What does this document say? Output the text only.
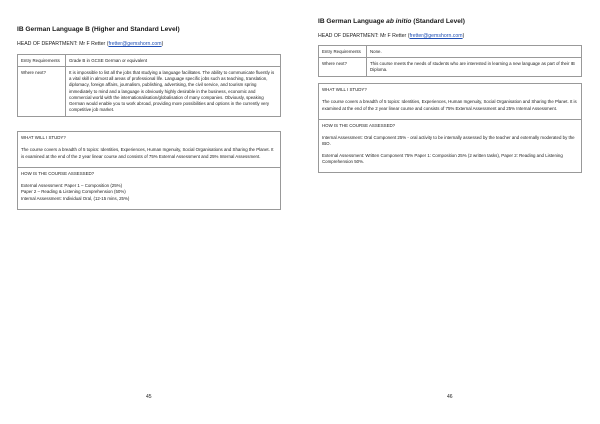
IB German Language B (Higher and Standard Level)
HEAD OF DEPARTMENT: Mr F Retter (fretter@gemshorn.com)
Entry Requirements	Grade B in GCSE German or equivalent
Where next?	It is impossible to list all the jobs that studying a language facilitates. The ability to communicate fluently is a vital skill in almost all areas of professional life. Language specific jobs such as teaching, translation, diplomacy, foreign affairs, journalism, publishing, advertising, the civil service, and tourism spring immediately to mind and a language is obviously highly desirable in the business, economic and commercial world with the internationalisation/globalisation of many companies. Obviously, speaking German would enable you to work abroad, providing more possibilities and options in the currently very competitive job market.
WHAT WILL I STUDY?

The course covers a breadth of 5 topics: Identities, Experiences, Human Ingenuity, Social Organisations and Sharing the Planet. It is examined at the end of the 2 year linear course and consists of 75% External Assessment and 25% Internal Assessment.

HOW IS THE COURSE ASSESSED?

External Assessment: Paper 1 – Composition (25%)

Paper 2 – Reading & Listening Comprehension (50%)

Internal Assessment: Individual Oral, (12-15 mins, 25%)

45
IB German Language ab initio (Standard Level)
HEAD OF DEPARTMENT: Mr F Retter (fretter@gemshorn.com)
Entry Requirements	None.
Where next?	This course meets the needs of students who are interested in learning a new language as part of their IB Diploma.
WHAT WILL I STUDY?

The course covers a breadth of 5 topics: Identities, Experiences, Human Ingenuity, Social Organisation and Sharing the Planet. It is examined at the end of the 2 year linear course and consists of 75% External Assessment and 25% Internal Assessment.

HOW IS THE COURSE ASSESSED?

Internal Assessment: Oral Component 25% - oral activity to be internally assessed by the teacher and externally moderated by the IBO.

External Assessment: Written Component 75% Paper 1: Composition 25% (2 written tasks), Paper 2: Reading and Listening Comprehension 50%.

46
